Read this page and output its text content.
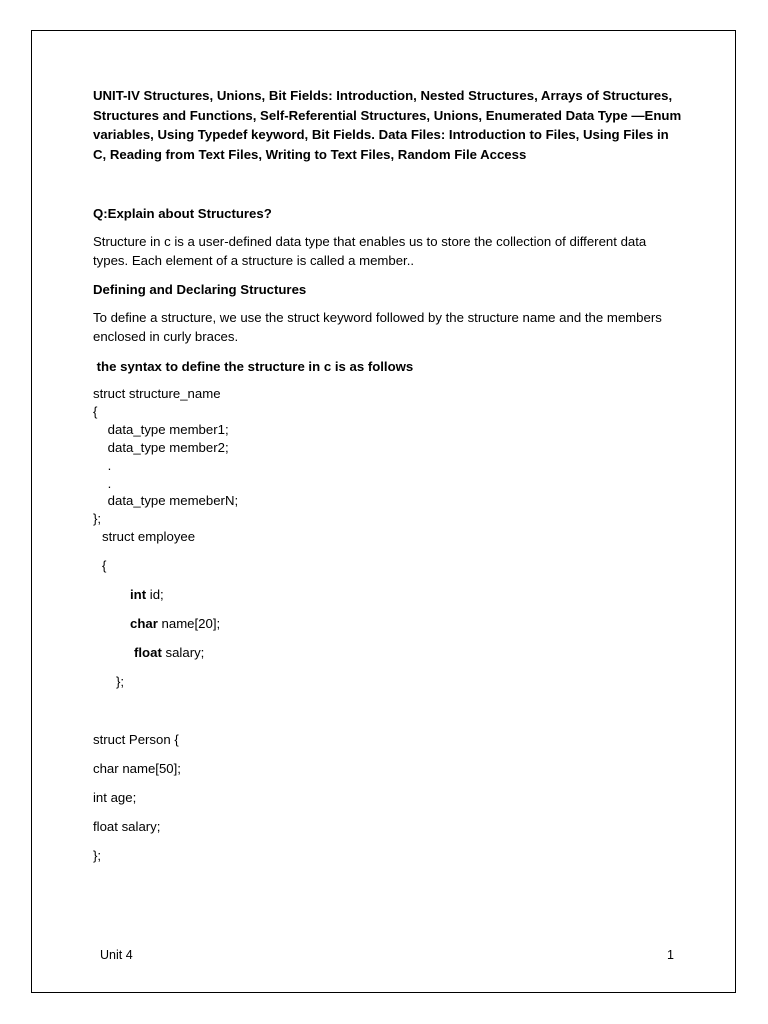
UNIT-IV Structures, Unions, Bit Fields: Introduction, Nested Structures, Arrays of Structures, Structures and Functions, Self-Referential Structures, Unions, Enumerated Data Type —Enum variables, Using Typedef keyword, Bit Fields. Data Files: Introduction to Files, Using Files in C, Reading from Text Files, Writing to Text Files, Random File Access

Q:Explain about Structures?

Structure in c is a user-defined data type that enables us to store the collection of different data types. Each element of a structure is called a member..

Defining and Declaring Structures

To define a structure, we use the struct keyword followed by the structure name and the members enclosed in curly braces.

the syntax to define the structure in c is as follows

struct structure_name

{

data_type member1;

data_type member2;

.

.

data_type memeberN;

};

struct employee

{

int id;

char name[20];

float salary;

};

struct Person {

char name[50];

int age;

float salary;

};

Unit 4	1
